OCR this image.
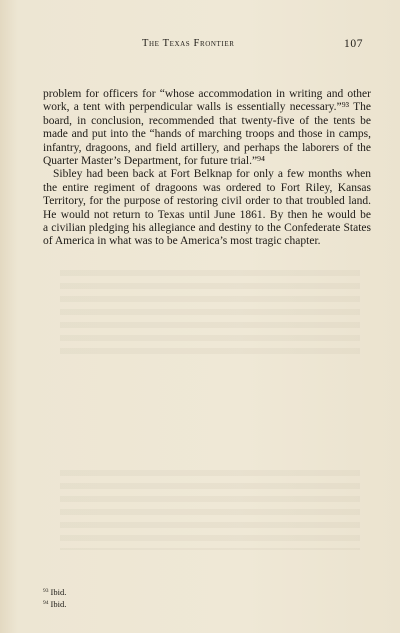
The Texas Frontier	107
problem for officers for “whose accommodation in writing and other
work, a tent with perpendicular walls is essentially necessary.”⁹³ The
board, in conclusion, recommended that twenty-five of the tents be
made and put into the “hands of marching troops and those in camps,
infantry, dragoons, and field artillery, and perhaps the laborers of the
Quarter Master’s Department, for future trial.”⁹⁴
Sibley had been back at Fort Belknap for only a few months when
the entire regiment of dragoons was ordered to Fort Riley, Kansas
Territory, for the purpose of restoring civil order to that troubled land.
He would not return to Texas until June 1861. By then he would be
a civilian pledging his allegiance and destiny to the Confederate States
of America in what was to be America’s most tragic chapter.
$^{93}$ Ibid.
$^{94}$ Ibid.
